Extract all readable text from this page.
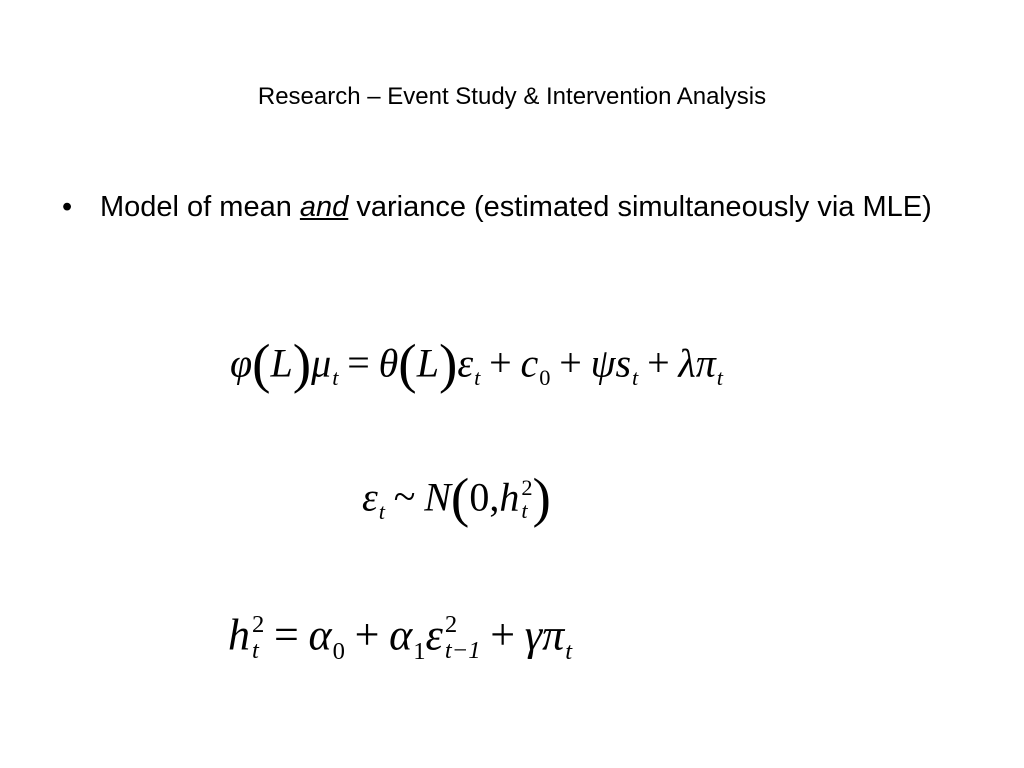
Research – Event Study & Intervention Analysis
• Model of mean and variance (estimated simultaneously via MLE)
$\varphi(L)\mu_t = \theta(L)\varepsilon_t + c_0 + \psi s_t + \lambda\pi_t$
$\varepsilon_t$ ~ N(0,h 2
t )
h 2
$t = \alpha_0 + \alpha_1\varepsilon$ 2
$t-1 + \gamma\pi_t$
